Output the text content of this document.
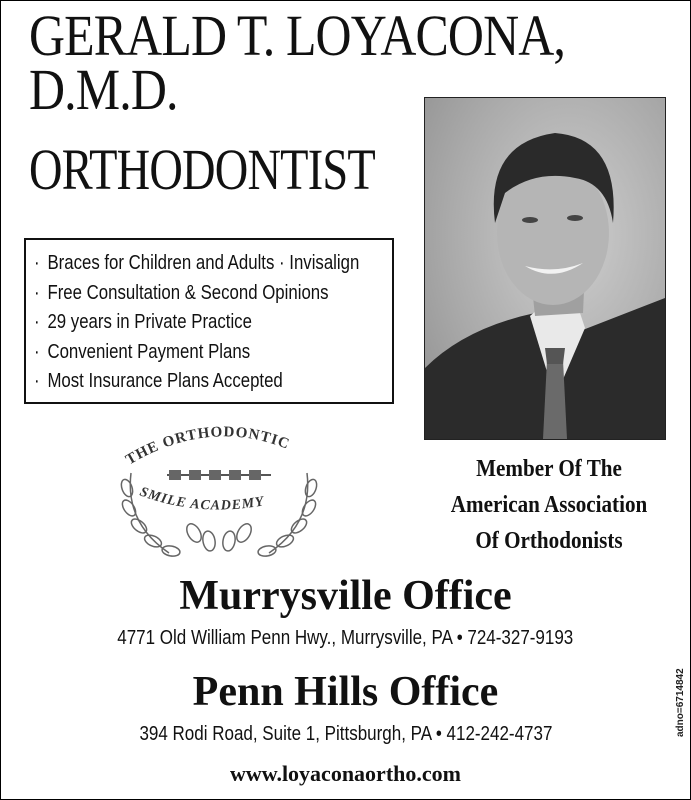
GERALD T. LOYACONA,
D.M.D.
ORTHODONTIST
· Braces for Children and Adults · Invisalign
· Free Consultation & Second Opinions
· 29 years in Private Practice
· Convenient Payment Plans
· Most Insurance Plans Accepted
THE ORTHODONTIC
SMILE ACADEMY
Member Of The
American Association
Of Orthodonists
Murrysville Office
4771 Old William Penn Hwy., Murrysville, PA • 724-327-9193
Penn Hills Office
394 Rodi Road, Suite 1, Pittsburgh, PA • 412-242-4737
www.loyaconaortho.com
adno=6714842
